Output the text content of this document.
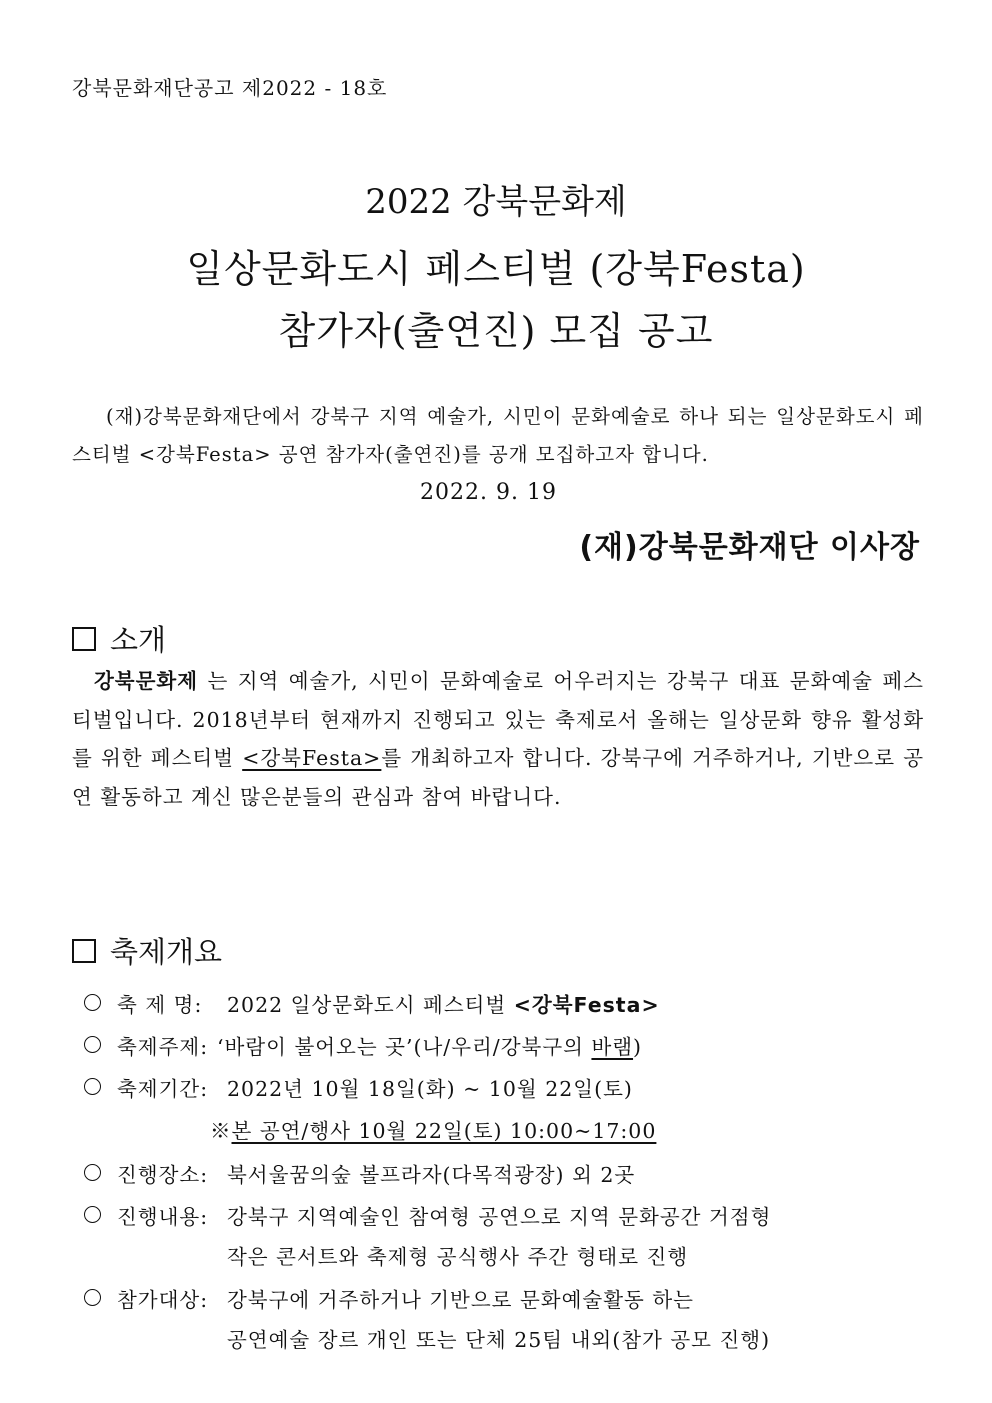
강북문화재단공고 제2022 - 18호
2022 강북문화제
일상문화도시 페스티벌 (강북Festa)
참가자(출연진) 모집 공고
(재)강북문화재단에서 강북구 지역 예술가, 시민이 문화예술로 하나 되는 일상문화도시 페스티벌 <강북Festa> 공연 참가자(출연진)를 공개 모집하고자 합니다.
2022. 9. 19
(재)강북문화재단 이사장
소개
강북문화제 는 지역 예술가, 시민이 문화예술로 어우러지는 강북구 대표 문화예술 페스티벌입니다. 2018년부터 현재까지 진행되고 있는 축제로서 올해는 일상문화 향유 활성화를 위한 페스티벌 <강북Festa>를 개최하고자 합니다. 강북구에 거주하거나, 기반으로 공연 활동하고 계신 많은분들의 관심과 참여 바랍니다.
축제개요
축 제 명:	2022 일상문화도시 페스티벌 <강북Festa>
축제주제: ‘바람이 불어오는 곳’(나/우리/강북구의 바램)
축제기간: 2022년 10월 18일(화) ~ 10월 22일(토)
※본 공연/행사 10월 22일(토) 10:00~17:00
진행장소: 북서울꿈의숲 볼프라자(다목적광장) 외 2곳
진행내용: 강북구 지역예술인 참여형 공연으로 지역 문화공간 거점형
작은 콘서트와 축제형 공식행사 주간 형태로 진행
참가대상: 강북구에 거주하거나 기반으로 문화예술활동 하는
공연예술 장르 개인 또는 단체 25팀 내외(참가 공모 진행)
